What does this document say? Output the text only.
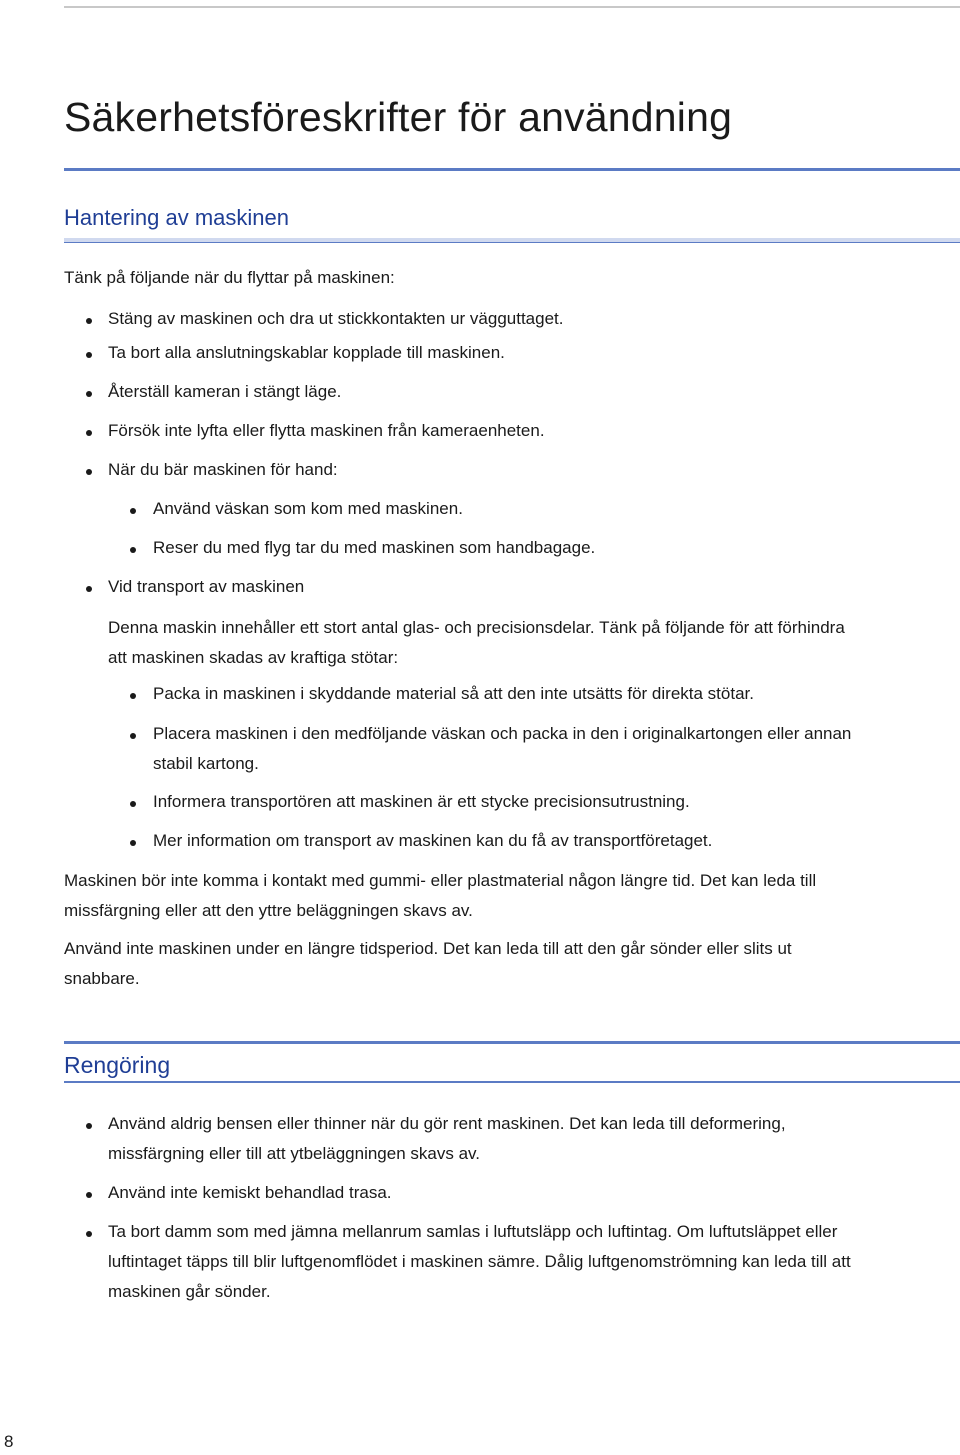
Säkerhetsföreskrifter för användning
Hantering av maskinen

Tänk på följande när du flyttar på maskinen:

Stäng av maskinen och dra ut stickkontakten ur vägguttaget.

Ta bort alla anslutningskablar kopplade till maskinen.

Återställ kameran i stängt läge.

Försök inte lyfta eller flytta maskinen från kameraenheten.

När du bär maskinen för hand:

Använd väskan som kom med maskinen.

Reser du med flyg tar du med maskinen som handbagage.

Vid transport av maskinen

Denna maskin innehåller ett stort antal glas- och precisionsdelar. Tänk på följande för att förhindra

att maskinen skadas av kraftiga stötar:

Packa in maskinen i skyddande material så att den inte utsätts för direkta stötar.

Placera maskinen i den medföljande väskan och packa in den i originalkartongen eller annan

stabil kartong.

Informera transportören att maskinen är ett stycke precisionsutrustning.

Mer information om transport av maskinen kan du få av transportföretaget.

Maskinen bör inte komma i kontakt med gummi- eller plastmaterial någon längre tid. Det kan leda till

missfärgning eller att den yttre beläggningen skavs av.

Använd inte maskinen under en längre tidsperiod. Det kan leda till att den går sönder eller slits ut

snabbare.

Rengöring

Använd aldrig bensen eller thinner när du gör rent maskinen. Det kan leda till deformering,

missfärgning eller till att ytbeläggningen skavs av.

Använd inte kemiskt behandlad trasa.

Ta bort damm som med jämna mellanrum samlas i luftutsläpp och luftintag. Om luftutsläppet eller

luftintaget täpps till blir luftgenomflödet i maskinen sämre. Dålig luftgenomströmning kan leda till att

maskinen går sönder.

8
